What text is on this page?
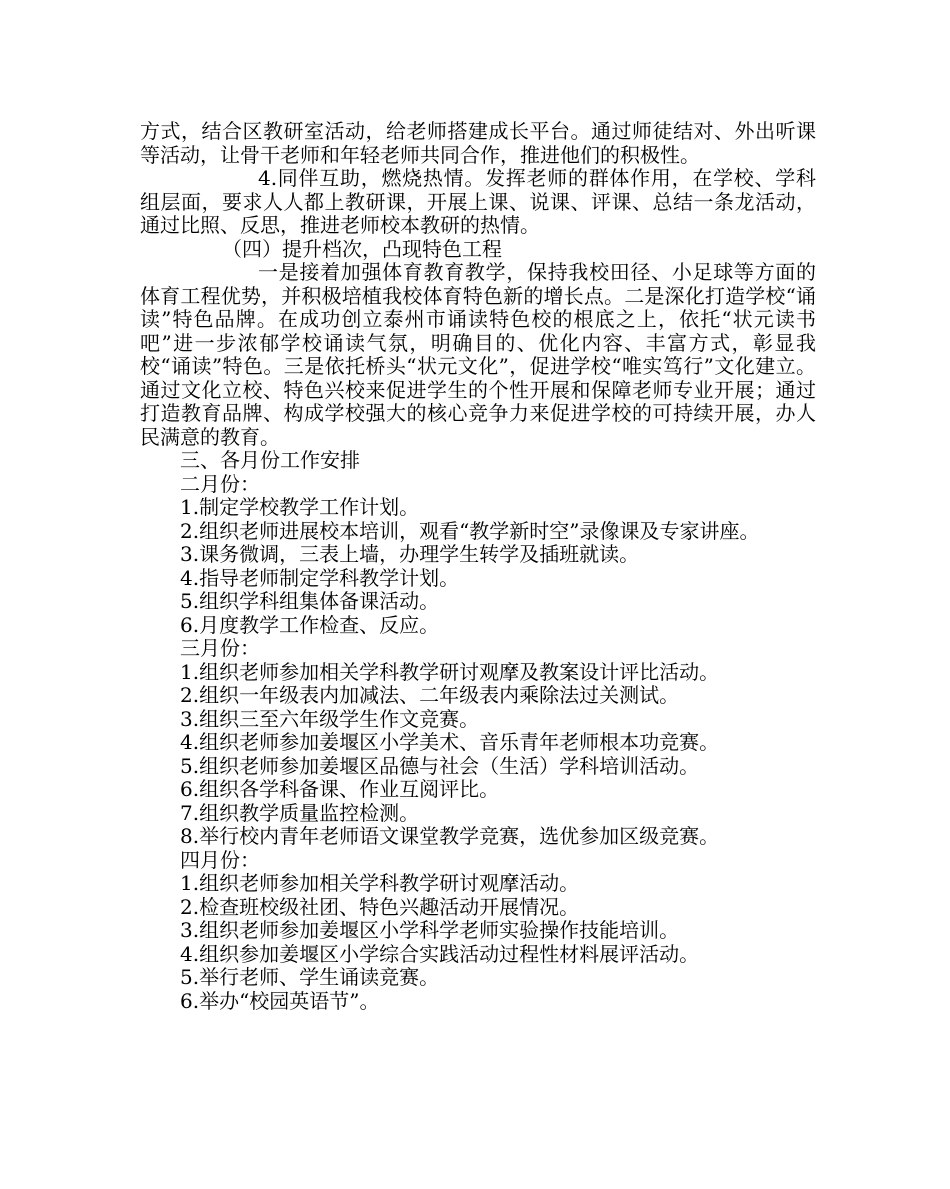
方式，结合区教研室活动，给老师搭建成长平台。通过师徒结对、外出听课等活动，让骨干老师和年轻老师共同合作，推进他们的积极性。

4.同伴互助，燃烧热情。发挥老师的群体作用，在学校、学科组层面，要求人人都上教研课，开展上课、说课、评课、总结一条龙活动，通过比照、反思，推进老师校本教研的热情。

（四）提升档次，凸现特色工程

一是接着加强体育教育教学，保持我校田径、小足球等方面的体育工程优势，并积极培植我校体育特色新的增长点。二是深化打造学校“诵读”特色品牌。在成功创立泰州市诵读特色校的根底之上，依托“状元读书吧”进一步浓郁学校诵读气氛，明确目的、优化内容、丰富方式，彰显我校“诵读”特色。三是依托桥头“状元文化”，促进学校“唯实笃行”文化建立。通过文化立校、特色兴校来促进学生的个性开展和保障老师专业开展；通过打造教育品牌、构成学校强大的核心竞争力来促进学校的可持续开展，办人民满意的教育。

三、各月份工作安排

二月份：

1.制定学校教学工作计划。

2.组织老师进展校本培训，观看“教学新时空”录像课及专家讲座。

3.课务微调，三表上墙，办理学生转学及插班就读。

4.指导老师制定学科教学计划。

5.组织学科组集体备课活动。

6.月度教学工作检查、反应。

三月份：

1.组织老师参加相关学科教学研讨观摩及教案设计评比活动。

2.组织一年级表内加减法、二年级表内乘除法过关测试。

3.组织三至六年级学生作文竞赛。

4.组织老师参加姜堰区小学美术、音乐青年老师根本功竞赛。

5.组织老师参加姜堰区品德与社会（生活）学科培训活动。

6.组织各学科备课、作业互阅评比。

7.组织教学质量监控检测。

8.举行校内青年老师语文课堂教学竞赛，选优参加区级竞赛。

四月份：

1.组织老师参加相关学科教学研讨观摩活动。

2.检查班校级社团、特色兴趣活动开展情况。

3.组织老师参加姜堰区小学科学老师实验操作技能培训。

4.组织参加姜堰区小学综合实践活动过程性材料展评活动。

5.举行老师、学生诵读竞赛。

6.举办“校园英语节”。
